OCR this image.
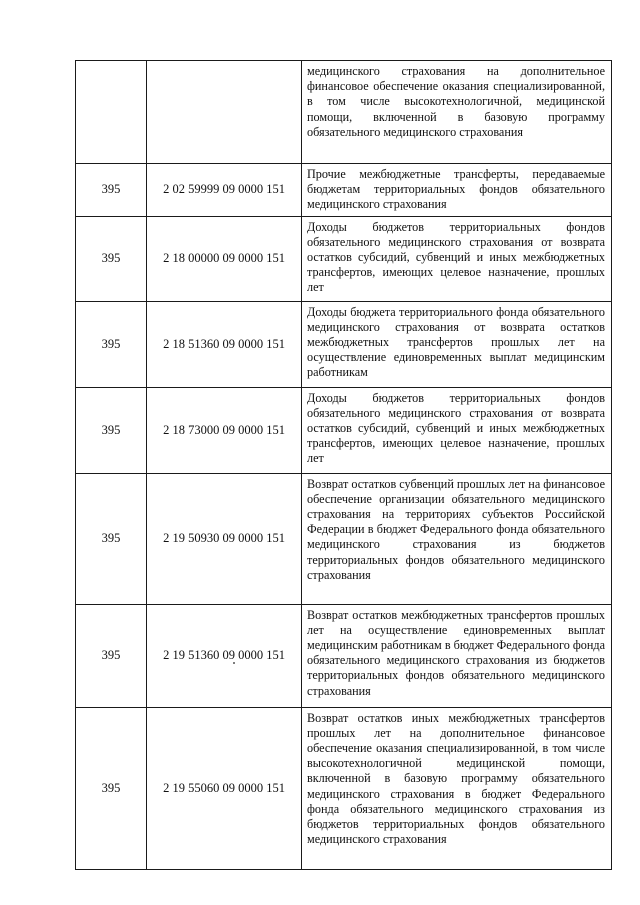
		медицинского страхования на дополнительное финансовое обеспечение оказания специализированной, в том числе высокотехнологичной, медицинской помощи, включенной в базовую программу обязательного медицинского страхования
395	2 02 59999 09 0000 151	Прочие межбюджетные трансферты, передаваемые бюджетам территориальных фондов обязательного медицинского страхования
395	2 18 00000 09 0000 151	Доходы бюджетов территориальных фондов обязательного медицинского страхования от возврата остатков субсидий, субвенций и иных межбюджетных трансфертов, имеющих целевое назначение, прошлых лет
395	2 18 51360 09 0000 151	Доходы бюджета территориального фонда обязательного медицинского страхования от возврата остатков межбюджетных трансфертов прошлых лет на осуществление единовременных выплат медицинским работникам
395	2 18 73000 09 0000 151	Доходы бюджетов территориальных фондов обязательного медицинского страхования от возврата остатков субсидий, субвенций и иных межбюджетных трансфертов, имеющих целевое назначение, прошлых лет
395	2 19 50930 09 0000 151	Возврат остатков субвенций прошлых лет на финансовое обеспечение организации обязательного медицинского страхования на территориях субъектов Российской Федерации в бюджет Федерального фонда обязательного медицинского страхования из бюджетов территориальных фондов обязательного медицинского страхования
395	2 19 51360 09 0000 151	Возврат остатков межбюджетных трансфертов прошлых лет на осуществление единовременных выплат медицинским работникам в бюджет Федерального фонда обязательного медицинского страхования из бюджетов территориальных фондов обязательного медицинского страхования
395	2 19 55060 09 0000 151	Возврат остатков иных межбюджетных трансфертов прошлых лет на дополнительное финансовое обеспечение оказания специализированной, в том числе высокотехнологичной медицинской помощи, включенной в базовую программу обязательного медицинского страхования в бюджет Федерального фонда обязательного медицинского страхования из бюджетов территориальных фондов обязательного медицинского страхования
